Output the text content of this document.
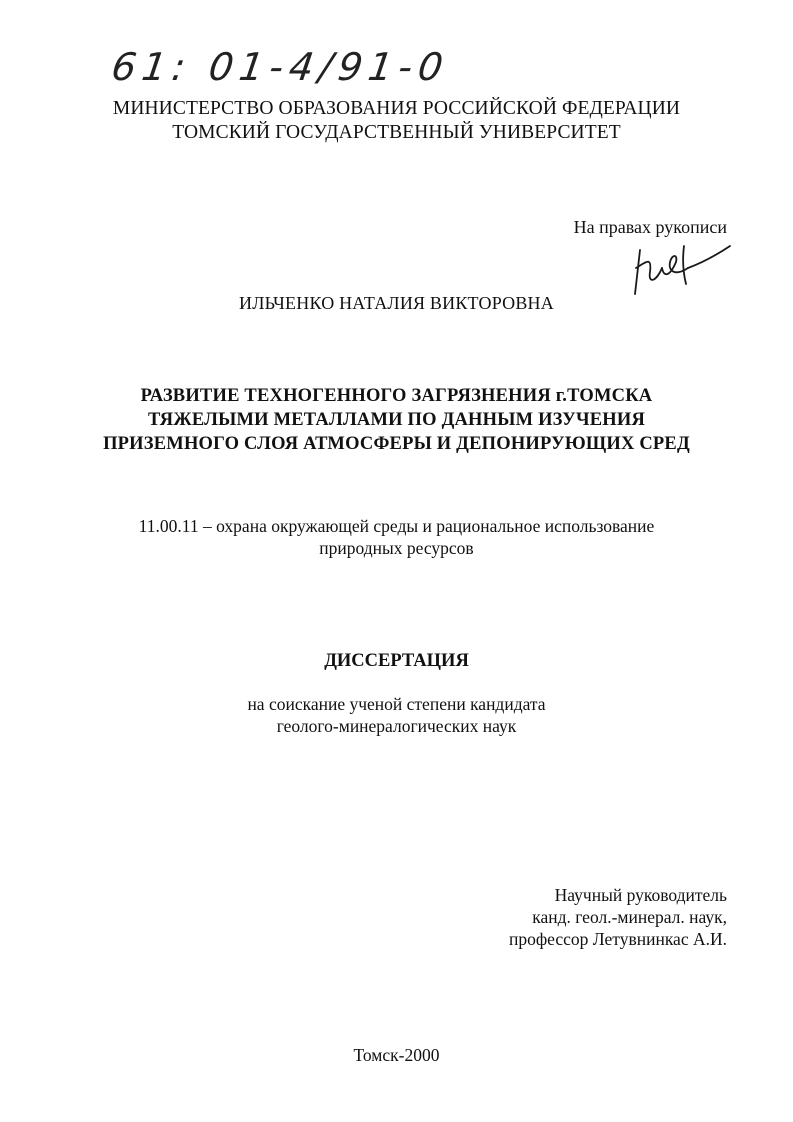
61: 01-4/91-0
МИНИСТЕРСТВО ОБРАЗОВАНИЯ РОССИЙСКОЙ ФЕДЕРАЦИИ
ТОМСКИЙ ГОСУДАРСТВЕННЫЙ УНИВЕРСИТЕТ
На правах рукописи
ИЛЬЧЕНКО НАТАЛИЯ ВИКТОРОВНА
РАЗВИТИЕ ТЕХНОГЕННОГО ЗАГРЯЗНЕНИЯ г.ТОМСКА
ТЯЖЕЛЫМИ МЕТАЛЛАМИ ПО ДАННЫМ ИЗУЧЕНИЯ
ПРИЗЕМНОГО СЛОЯ АТМОСФЕРЫ И ДЕПОНИРУЮЩИХ СРЕД
11.00.11 – охрана окружающей среды и рациональное использование
природных ресурсов
ДИССЕРТАЦИЯ
на соискание ученой степени кандидата
геолого-минералогических наук
Научный руководитель
канд. геол.-минерал. наук,
профессор Летувнинкас А.И.
Томск-2000
